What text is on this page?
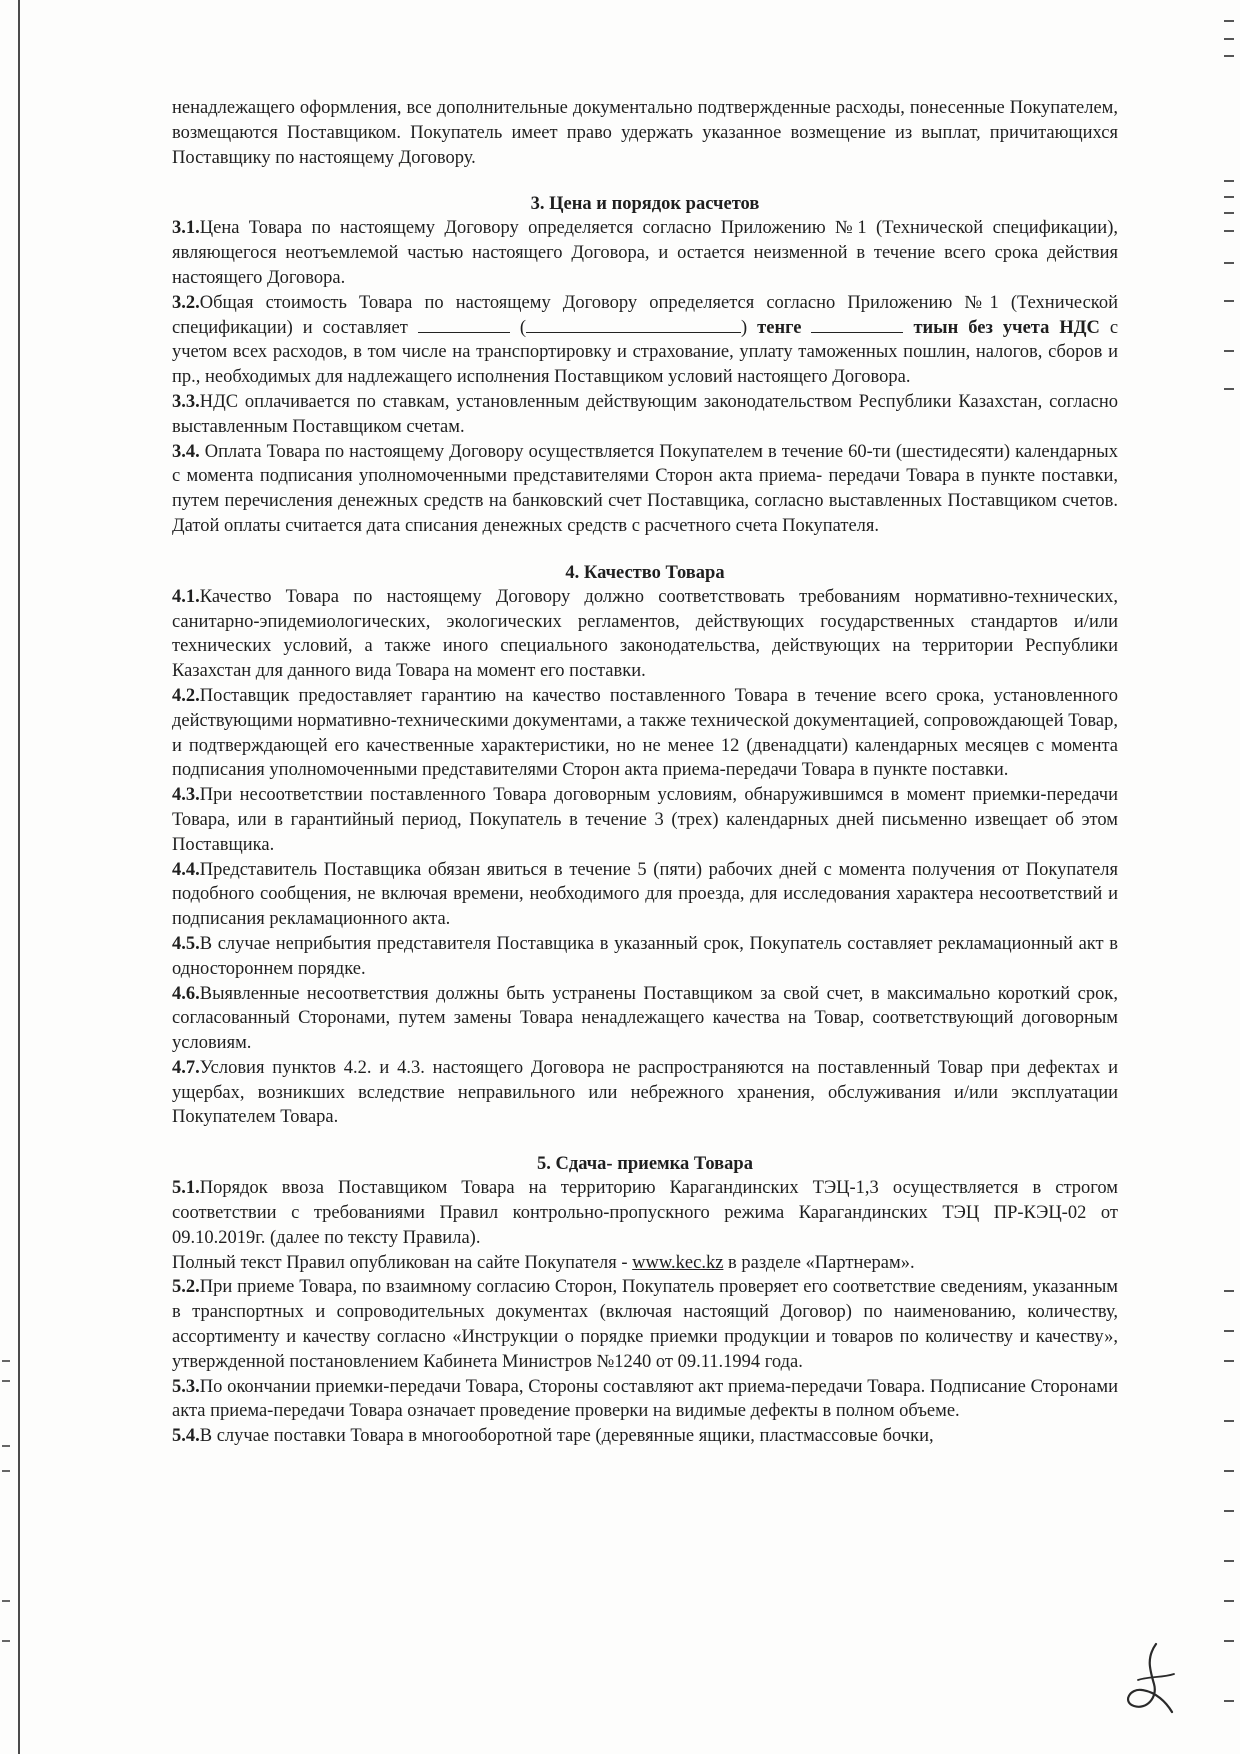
ненадлежащего оформления, все дополнительные документально подтвержденные расходы, понесенные Покупателем, возмещаются Поставщиком. Покупатель имеет право удержать указанное возмещение из выплат, причитающихся Поставщику по настоящему Договору.

3. Цена и порядок расчетов

3.1.Цена Товара по настоящему Договору определяется согласно Приложению №1 (Технической спецификации), являющегося неотъемлемой частью настоящего Договора, и остается неизменной в течение всего срока действия настоящего Договора.

3.2.Общая стоимость Товара по настоящему Договору определяется согласно Приложению №1 (Технической спецификации) и составляет	(	) тенге	тиын без учета НДС с учетом всех расходов, в том числе на транспортировку и страхование, уплату таможенных пошлин, налогов, сборов и пр., необходимых для надлежащего исполнения Поставщиком условий настоящего Договора.

3.3.НДС оплачивается по ставкам, установленным действующим законодательством Республики Казахстан, согласно выставленным Поставщиком счетам.

3.4. Оплата Товара по настоящему Договору осуществляется Покупателем в течение 60-ти (шестидесяти) календарных с момента подписания уполномоченными представителями Сторон акта приема- передачи Товара в пункте поставки, путем перечисления денежных средств на банковский счет Поставщика, согласно выставленных Поставщиком счетов. Датой оплаты считается дата списания денежных средств с расчетного счета Покупателя.

4. Качество Товара

4.1.Качество Товара по настоящему Договору должно соответствовать требованиям нормативно-технических, санитарно-эпидемиологических, экологических регламентов, действующих государственных стандартов и/или технических условий, а также иного специального законодательства, действующих на территории Республики Казахстан для данного вида Товара на момент его поставки.

4.2.Поставщик предоставляет гарантию на качество поставленного Товара в течение всего срока, установленного действующими нормативно-техническими документами, а также технической документацией, сопровождающей Товар, и подтверждающей его качественные характеристики, но не менее 12 (двенадцати) календарных месяцев с момента подписания уполномоченными представителями Сторон акта приема-передачи Товара в пункте поставки.

4.3.При несоответствии поставленного Товара договорным условиям, обнаружившимся в момент приемки-передачи Товара, или в гарантийный период, Покупатель в течение 3 (трех) календарных дней письменно извещает об этом Поставщика.

4.4.Представитель Поставщика обязан явиться в течение 5 (пяти) рабочих дней с момента получения от Покупателя подобного сообщения, не включая времени, необходимого для проезда, для исследования характера несоответствий и подписания рекламационного акта.

4.5.В случае неприбытия представителя Поставщика в указанный срок, Покупатель составляет рекламационный акт в одностороннем порядке.

4.6.Выявленные несоответствия должны быть устранены Поставщиком за свой счет, в максимально короткий срок, согласованный Сторонами, путем замены Товара ненадлежащего качества на Товар, соответствующий договорным условиям.

4.7.Условия пунктов 4.2. и 4.3. настоящего Договора не распространяются на поставленный Товар при дефектах и ущербах, возникших вследствие неправильного или небрежного хранения, обслуживания и/или эксплуатации Покупателем Товара.

5. Сдача- приемка Товара

5.1.Порядок ввоза Поставщиком Товара на территорию Карагандинских ТЭЦ-1,3 осуществляется в строгом соответствии с требованиями Правил контрольно-пропускного режима Карагандинских ТЭЦ ПР-КЭЦ-02 от 09.10.2019г. (далее по тексту Правила).

Полный текст Правил опубликован на сайте Покупателя - www.kec.kz в разделе «Партнерам».

5.2.При приеме Товара, по взаимному согласию Сторон, Покупатель проверяет его соответствие сведениям, указанным в транспортных и сопроводительных документах (включая настоящий Договор) по наименованию, количеству, ассортименту и качеству согласно «Инструкции о порядке приемки продукции и товаров по количеству и качеству», утвержденной постановлением Кабинета Министров №1240 от 09.11.1994 года.

5.3.По окончании приемки-передачи Товара, Стороны составляют акт приема-передачи Товара. Подписание Сторонами акта приема-передачи Товара означает проведение проверки на видимые дефекты в полном объеме.

5.4.В случае поставки Товара в многооборотной таре (деревянные ящики, пластмассовые бочки,
